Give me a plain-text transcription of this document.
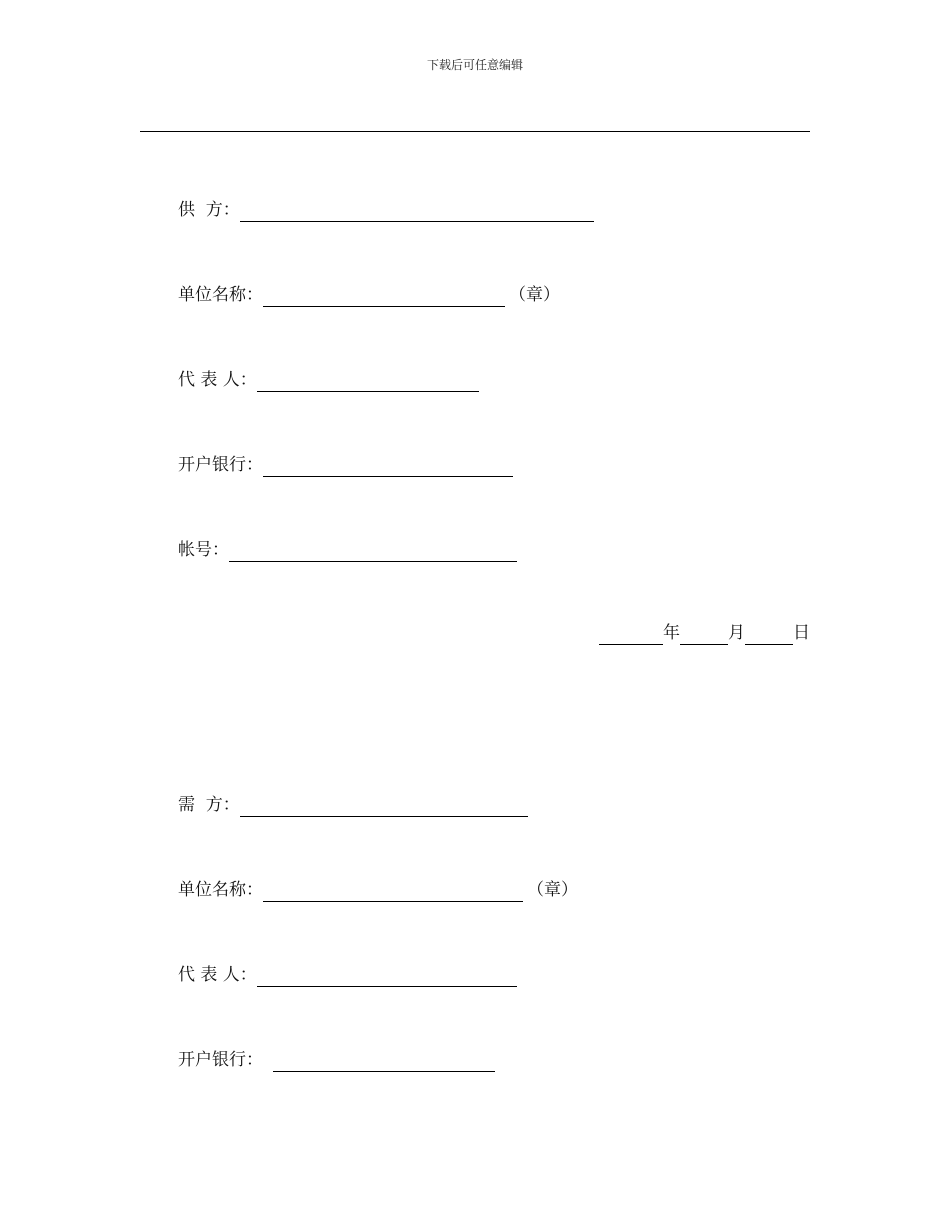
下载后可任意编辑
供  方：
单位名称：	（章）
代 表 人：
开户银行：
帐号：
年	月	日
需  方：
单位名称：	（章）
代 表 人：
开户银行：
